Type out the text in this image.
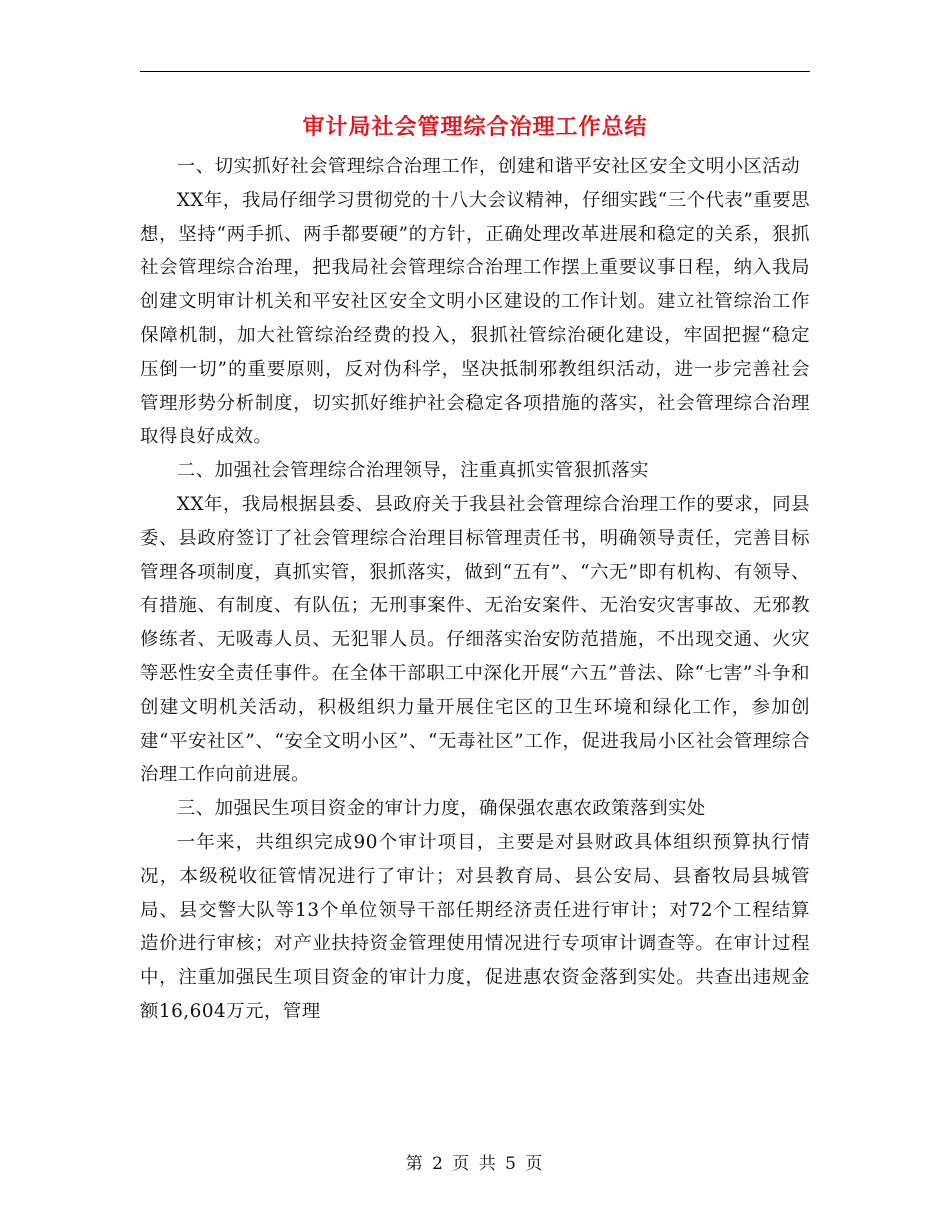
审计局社会管理综合治理工作总结

一、切实抓好社会管理综合治理工作，创建和谐平安社区安全文明小区活动

XX年，我局仔细学习贯彻党的十八大会议精神，仔细实践“三个代表”重要思想，坚持“两手抓、两手都要硬”的方针，正确处理改革进展和稳定的关系，狠抓社会管理综合治理，把我局社会管理综合治理工作摆上重要议事日程，纳入我局创建文明审计机关和平安社区安全文明小区建设的工作计划。建立社管综治工作保障机制，加大社管综治经费的投入，狠抓社管综治硬化建设，牢固把握“稳定压倒一切”的重要原则，反对伪科学，坚决抵制邪教组织活动，进一步完善社会管理形势分析制度，切实抓好维护社会稳定各项措施的落实，社会管理综合治理取得良好成效。

二、加强社会管理综合治理领导，注重真抓实管狠抓落实

XX年，我局根据县委、县政府关于我县社会管理综合治理工作的要求，同县委、县政府签订了社会管理综合治理目标管理责任书，明确领导责任，完善目标管理各项制度，真抓实管，狠抓落实，做到“五有”、“六无”即有机构、有领导、有措施、有制度、有队伍；无刑事案件、无治安案件、无治安灾害事故、无邪教修练者、无吸毒人员、无犯罪人员。仔细落实治安防范措施，不出现交通、火灾等恶性安全责任事件。在全体干部职工中深化开展“六五”普法、除“七害”斗争和创建文明机关活动，积极组织力量开展住宅区的卫生环境和绿化工作，参加创建“平安社区”、“安全文明小区”、“无毒社区”工作，促进我局小区社会管理综合治理工作向前进展。

三、加强民生项目资金的审计力度，确保强农惠农政策落到实处

一年来，共组织完成90个审计项目，主要是对县财政具体组织预算执行情况，本级税收征管情况进行了审计；对县教育局、县公安局、县畜牧局县城管局、县交警大队等13个单位领导干部任期经济责任进行审计；对72个工程结算造价进行审核；对产业扶持资金管理使用情况进行专项审计调查等。在审计过程中，注重加强民生项目资金的审计力度，促进惠农资金落到实处。共查出违规金额16,604万元，管理

第 2 页 共 5 页
